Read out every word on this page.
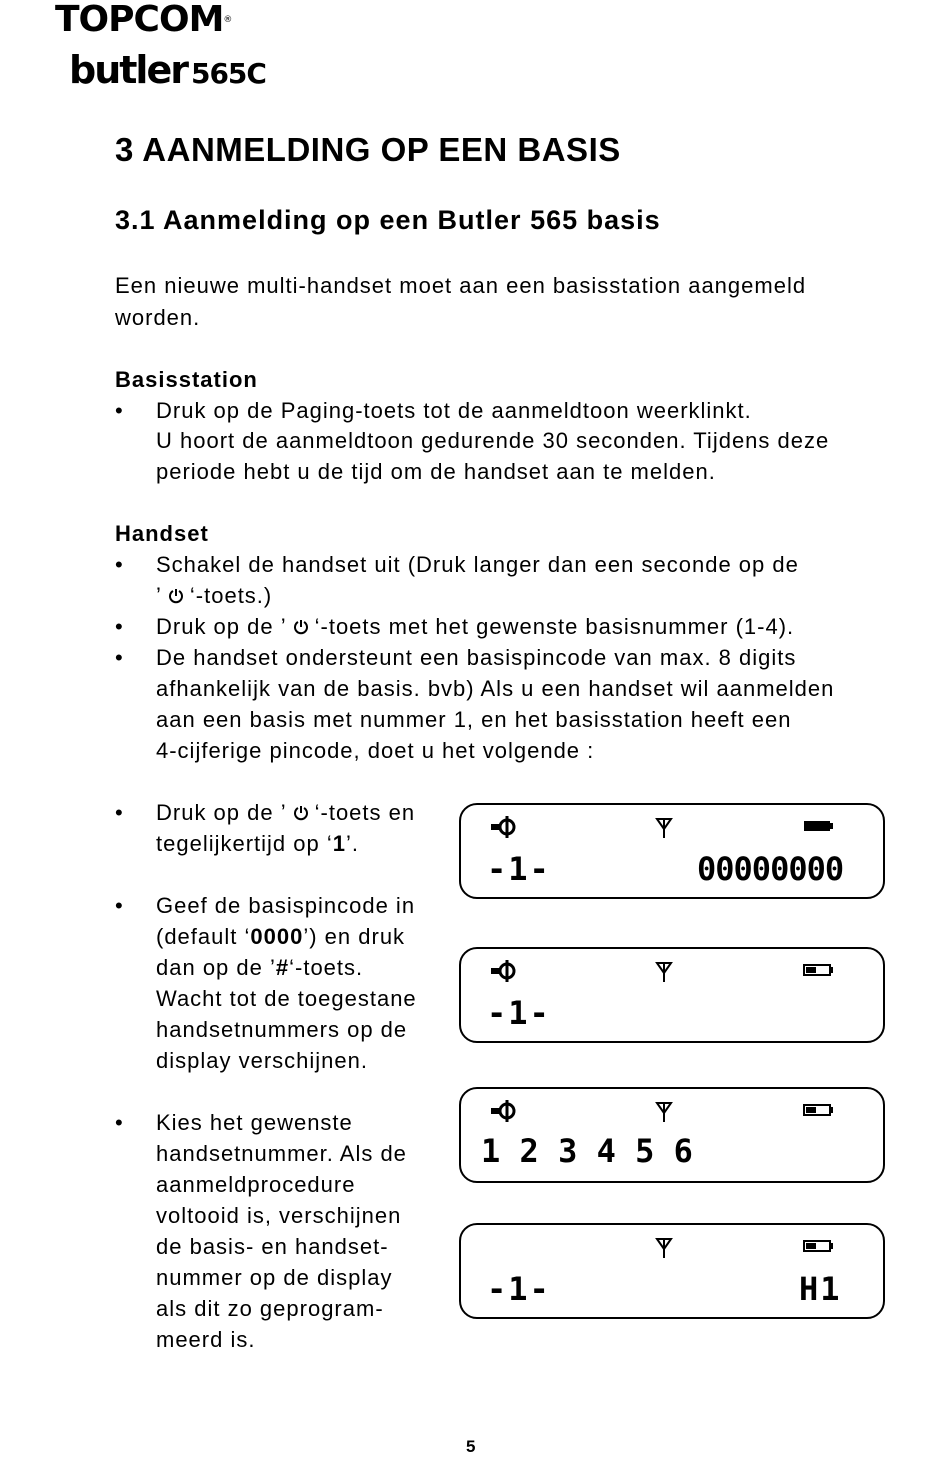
TOPCOM®
butler 565C
3 AANMELDING OP EEN BASIS
3.1 Aanmelding op een Butler 565 basis
Een nieuwe multi-handset moet aan een basisstation aangemeld
worden.
Basisstation
• Druk op de Paging-toets tot de aanmeldtoon weerklinkt.
U hoort de aanmeldtoon gedurende 30 seconden. Tijdens deze
periode hebt u de tijd om de handset aan te melden.
Handset
• Schakel de handset uit (Druk langer dan een seconde op de
’ ‘-toets.)
• Druk op de ’ ‘-toets met het gewenste basisnummer (1-4).
• De handset ondersteunt een basispincode van max. 8 digits
afhankelijk van de basis. bvb) Als u een handset wil aanmelden
aan een basis met nummer 1, en het basisstation heeft een
4-cijferige pincode, doet u het volgende :
• Druk op de ’ ‘-toets en
tegelijkertijd op ‘1’.
• Geef de basispincode in
(default ‘0000’) en druk
dan op de ’#‘-toets.
Wacht tot de toegestane
handsetnummers op de
display verschijnen.
• Kies het gewenste
handsetnummer. Als de
aanmeldprocedure
voltooid is, verschijnen
de basis- en handset-
nummer op de display
als dit zo geprogram-
meerd is.
-1-	00000000
-1-
1 2 3 4 5 6
-1-	H1
5
